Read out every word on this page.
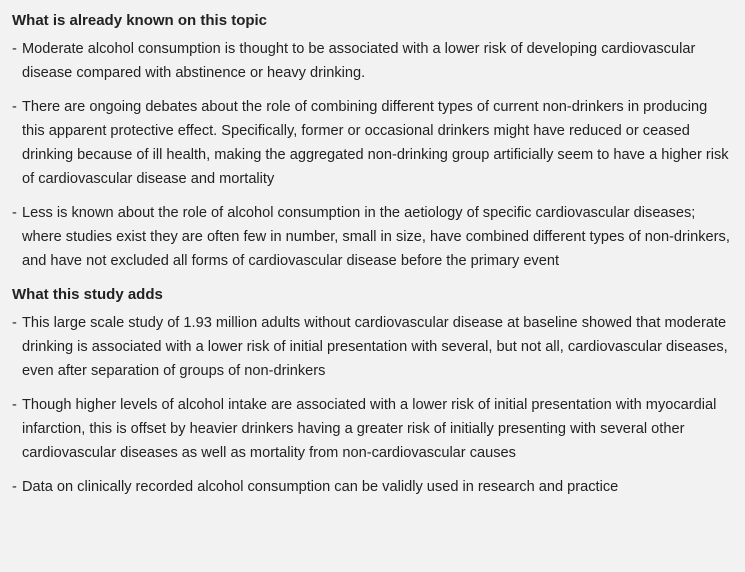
What is already known on this topic
- Moderate alcohol consumption is thought to be associated with a lower risk of developing cardiovascular disease compared with abstinence or heavy drinking.
- There are ongoing debates about the role of combining different types of current non-drinkers in producing this apparent protective effect. Specifically, former or occasional drinkers might have reduced or ceased drinking because of ill health, making the aggregated non-drinking group artificially seem to have a higher risk of cardiovascular disease and mortality
- Less is known about the role of alcohol consumption in the aetiology of specific cardiovascular diseases; where studies exist they are often few in number, small in size, have combined different types of non-drinkers, and have not excluded all forms of cardiovascular disease before the primary event
What this study adds
- This large scale study of 1.93 million adults without cardiovascular disease at baseline showed that moderate drinking is associated with a lower risk of initial presentation with several, but not all, cardiovascular diseases, even after separation of groups of non-drinkers
- Though higher levels of alcohol intake are associated with a lower risk of initial presentation with myocardial infarction, this is offset by heavier drinkers having a greater risk of initially presenting with several other cardiovascular diseases as well as mortality from non-cardiovascular causes
- Data on clinically recorded alcohol consumption can be validly used in research and practice
